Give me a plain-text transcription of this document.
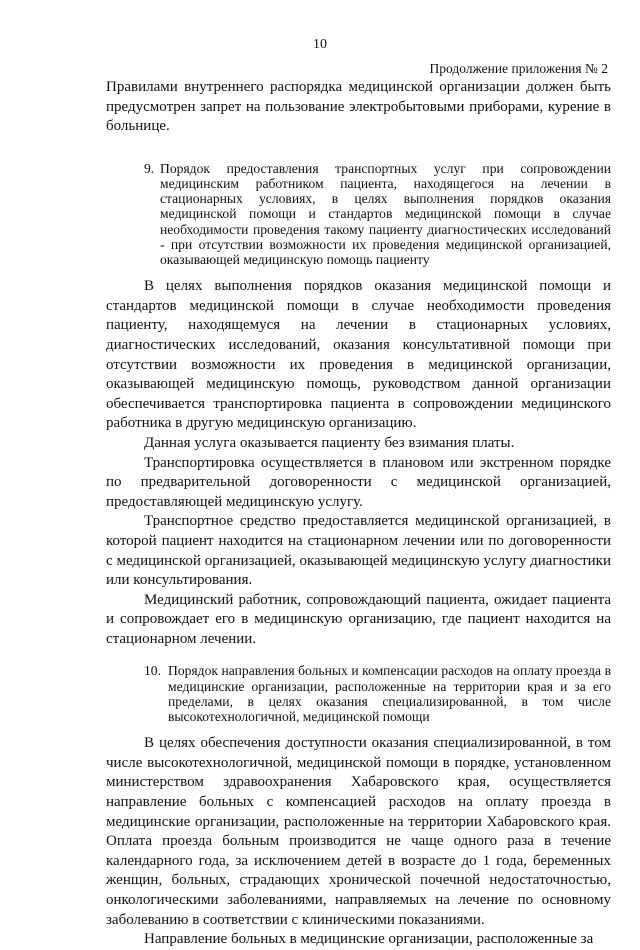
10
Продолжение приложения № 2

Правилами внутреннего распорядка медицинской организации должен быть предусмотрен запрет на пользование электробытовыми приборами, курение в больнице.

9. Порядок предоставления транспортных услуг при сопровождении медицинским работником пациента, находящегося на лечении в стационарных условиях, в целях выполнения порядков оказания медицинской помощи и стандартов медицинской помощи в случае необходимости проведения такому пациенту диагностических исследований - при отсутствии возможности их проведения медицинской организацией, оказывающей медицинскую помощь пациенту

В целях выполнения порядков оказания медицинской помощи и стандартов медицинской помощи в случае необходимости проведения пациенту, находящемуся на лечении в стационарных условиях, диагностических исследований, оказания консультативной помощи при отсутствии возможности их проведения в медицинской организации, оказывающей медицинскую помощь, руководством данной организации обеспечивается транспортировка пациента в сопровождении медицинского работника в другую медицинскую организацию.

Данная услуга оказывается пациенту без взимания платы.

Транспортировка осуществляется в плановом или экстренном порядке по предварительной договоренности с медицинской организацией, предоставляющей медицинскую услугу.

Транспортное средство предоставляется медицинской организацией, в которой пациент находится на стационарном лечении или по договоренности с медицинской организацией, оказывающей медицинскую услугу диагностики или консультирования.

Медицинский работник, сопровождающий пациента, ожидает пациента и сопровождает его в медицинскую организацию, где пациент находится на стационарном лечении.

10. Порядок направления больных и компенсации расходов на оплату проезда в медицинские организации, расположенные на территории края и за его пределами, в целях оказания специализированной, в том числе высокотехнологичной, медицинской помощи

В целях обеспечения доступности оказания специализированной, в том числе высокотехнологичной, медицинской помощи в порядке, установленном министерством здравоохранения Хабаровского края, осуществляется направление больных с компенсацией расходов на оплату проезда в медицинские организации, расположенные на территории Хабаровского края. Оплата проезда больным производится не чаще одного раза в течение календарного года, за исключением детей в возрасте до 1 года, беременных женщин, больных, страдающих хронической почечной недостаточностью, онкологическими заболеваниями, направляемых на лечение по основному заболеванию в соответствии с клиническими показаниями.

Направление больных в медицинские организации, расположенные за
